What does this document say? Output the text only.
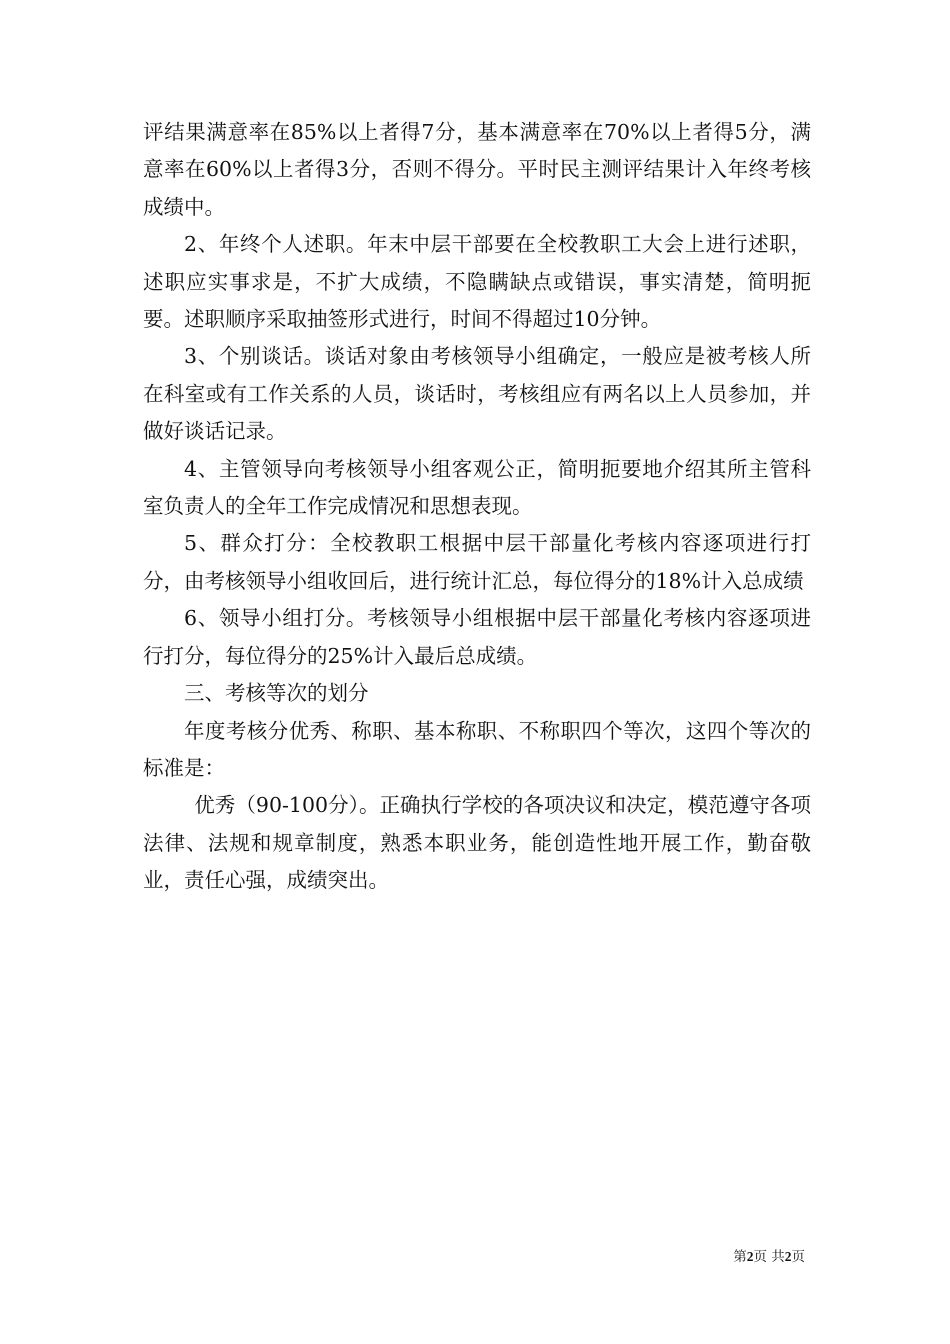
评结果满意率在85%以上者得7分，基本满意率在70%以上者得5分，满意率在60%以上者得3分，否则不得分。平时民主测评结果计入年终考核成绩中。

2、年终个人述职。年末中层干部要在全校教职工大会上进行述职，述职应实事求是，不扩大成绩，不隐瞒缺点或错误，事实清楚，简明扼要。述职顺序采取抽签形式进行，时间不得超过10分钟。

3、个别谈话。谈话对象由考核领导小组确定，一般应是被考核人所在科室或有工作关系的人员，谈话时，考核组应有两名以上人员参加，并做好谈话记录。

4、主管领导向考核领导小组客观公正，简明扼要地介绍其所主管科室负责人的全年工作完成情况和思想表现。

5、群众打分：全校教职工根据中层干部量化考核内容逐项进行打分，由考核领导小组收回后，进行统计汇总，每位得分的18%计入总成绩

6、领导小组打分。考核领导小组根据中层干部量化考核内容逐项进行打分，每位得分的25%计入最后总成绩。

三、考核等次的划分

年度考核分优秀、称职、基本称职、不称职四个等次，这四个等次的标准是：

优秀（90-100分）。正确执行学校的各项决议和决定，模范遵守各项法律、法规和规章制度，熟悉本职业务，能创造性地开展工作，勤奋敬业，责任心强，成绩突出。

第2页 共2页
